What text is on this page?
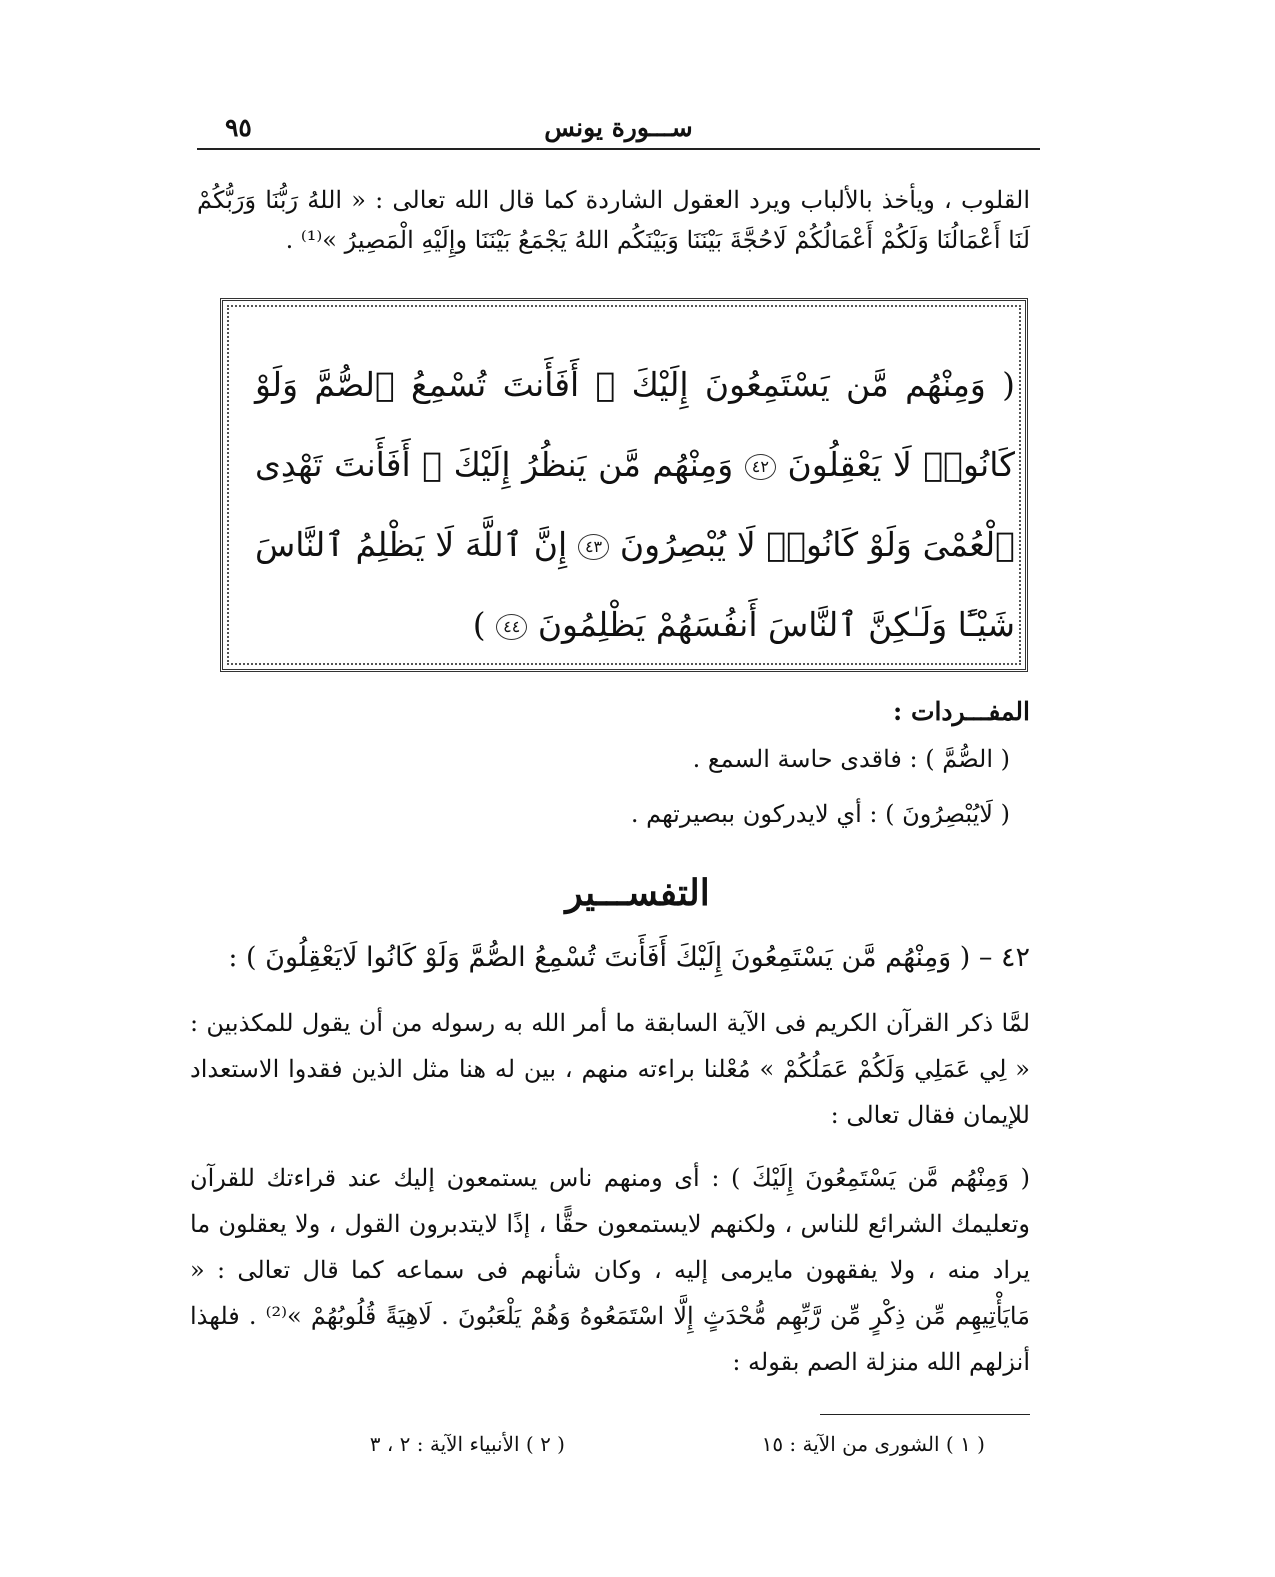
ســـورة يونس
٩٥
القلوب ، ويأخذ بالألباب ويرد العقول الشاردة كما قال الله تعالى : « اللهُ رَبُّنَا وَرَبُّكُمْ لَنَا أَعْمَالُنَا وَلَكُمْ أَعْمَالُكُمْ لَاحُجَّةَ بَيْنَنَا وَبَيْنَكُم اللهُ يَجْمَعُ بَيْنَنَا وإِلَيْهِ الْمَصِيرُ »⁽¹⁾ .
( وَمِنْهُم مَّن يَسْتَمِعُونَ إِلَيْكَ ۚ أَفَأَنتَ تُسْمِعُ ٱلصُّمَّ وَلَوْ كَانُوا۟ لَا يَعْقِلُونَ ٤٢ وَمِنْهُم مَّن يَنظُرُ إِلَيْكَ ۚ أَفَأَنتَ تَهْدِى ٱلْعُمْىَ وَلَوْ كَانُوا۟ لَا يُبْصِرُونَ ٤٣ إِنَّ ٱللَّهَ لَا يَظْلِمُ ٱلنَّاسَ شَيْـًٔا وَلَـٰكِنَّ ٱلنَّاسَ أَنفُسَهُمْ يَظْلِمُونَ ٤٤ )
المفـــردات :
( الصُّمَّ ) : فاقدى حاسة السمع .
( لَايُبْصِرُونَ ) : أي لايدركون ببصيرتهم .
التفســـير
٤٢ – ( وَمِنْهُم مَّن يَسْتَمِعُونَ إِلَيْكَ أَفَأَنتَ تُسْمِعُ الصُّمَّ وَلَوْ كَانُوا لَايَعْقِلُونَ ) :
لمَّا ذكر القرآن الكريم فى الآية السابقة ما أمر الله به رسوله من أن يقول للمكذبين : « لِي عَمَلِي وَلَكُمْ عَمَلُكُمْ » مُعْلنا براءته منهم ، بين له هنا مثل الذين فقدوا الاستعداد للإيمان فقال تعالى :
( وَمِنْهُم مَّن يَسْتَمِعُونَ إِلَيْكَ ) : أى ومنهم ناس يستمعون إليك عند قراءتك للقرآن وتعليمك الشرائع للناس ، ولكنهم لايستمعون حقًّا ، إذًا لايتدبرون القول ، ولا يعقلون ما يراد منه ، ولا يفقهون مايرمى إليه ، وكان شأنهم فى سماعه كما قال تعالى : « مَايَأْتِيهِم مِّن ذِكْرٍ مِّن رَّبِّهِم مُّحْدَثٍ إِلَّا اسْتَمَعُوهُ وَهُمْ يَلْعَبُونَ . لَاهِيَةً قُلُوبُهُمْ »⁽²⁾ . فلهذا أنزلهم الله منزلة الصم بقوله :
( ١ ) الشورى من الآية : ١٥
( ٢ ) الأنبياء الآية : ٢ ، ٣
